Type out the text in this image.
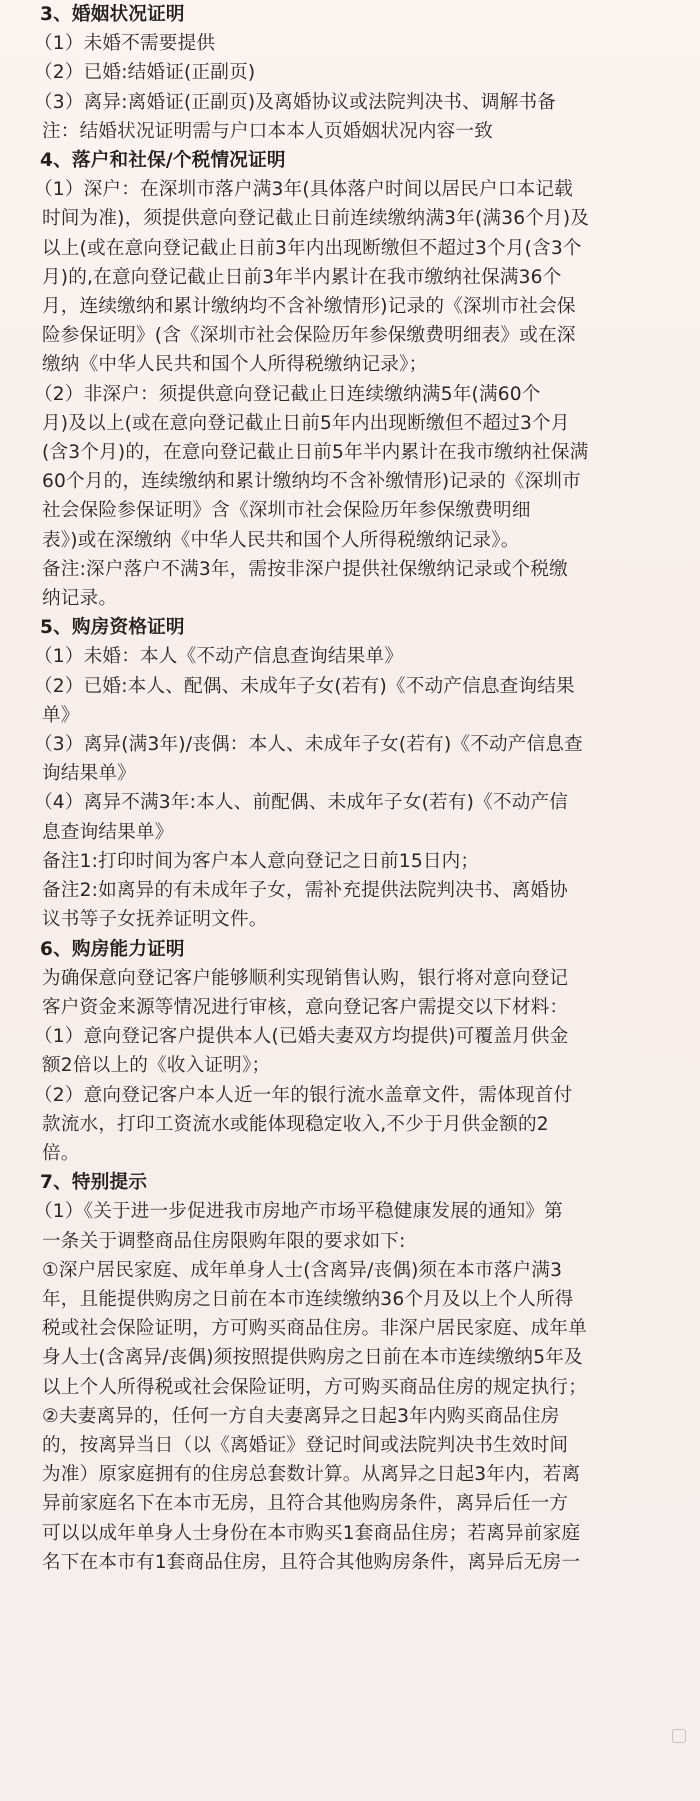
3、婚姻状况证明
（1）未婚不需要提供
（2）已婚:结婚证(正副页)
（3）离异:离婚证(正副页)及离婚协议或法院判决书、调解书备
注：结婚状况证明需与户口本本人页婚姻状况内容一致
4、落户和社保/个税情况证明
（1）深户：在深圳市落户满3年(具体落户时间以居民户口本记载
时间为准)，须提供意向登记截止日前连续缴纳满3年(满36个月)及
以上(或在意向登记截止日前3年内出现断缴但不超过3个月(含3个
月)的,在意向登记截止日前3年半内累计在我市缴纳社保满36个
月，连续缴纳和累计缴纳均不含补缴情形)记录的《深圳市社会保
险参保证明》(含《深圳市社会保险历年参保缴费明细表》或在深
缴纳《中华人民共和国个人所得税缴纳记录》；
（2）非深户：须提供意向登记截止日连续缴纳满5年(满60个
月)及以上(或在意向登记截止日前5年内出现断缴但不超过3个月
(含3个月)的，在意向登记截止日前5年半内累计在我市缴纳社保满
60个月的，连续缴纳和累计缴纳均不含补缴情形)记录的《深圳市
社会保险参保证明》含《深圳市社会保险历年参保缴费明细
表》)或在深缴纳《中华人民共和国个人所得税缴纳记录》。
备注:深户落户不满3年，需按非深户提供社保缴纳记录或个税缴
纳记录。
5、购房资格证明
（1）未婚：本人《不动产信息查询结果单》
（2）已婚:本人、配偶、未成年子女(若有)《不动产信息查询结果
单》
（3）离异(满3年)/丧偶：本人、未成年子女(若有)《不动产信息查
询结果单》
（4）离异不满3年:本人、前配偶、未成年子女(若有)《不动产信
息查询结果单》
备注1:打印时间为客户本人意向登记之日前15日内；
备注2:如离异的有未成年子女，需补充提供法院判决书、离婚协
议书等子女抚养证明文件。
6、购房能力证明
为确保意向登记客户能够顺利实现销售认购，银行将对意向登记
客户资金来源等情况进行审核，意向登记客户需提交以下材料：
（1）意向登记客户提供本人(已婚夫妻双方均提供)可覆盖月供金
额2倍以上的《收入证明》；
（2）意向登记客户本人近一年的银行流水盖章文件，需体现首付
款流水，打印工资流水或能体现稳定收入,不少于月供金额的2
倍。
7、特别提示
（1）《关于进一步促进我市房地产市场平稳健康发展的通知》第
一条关于调整商品住房限购年限的要求如下:
①深户居民家庭、成年单身人士(含离异/丧偶)须在本市落户满3
年，且能提供购房之日前在本市连续缴纳36个月及以上个人所得
税或社会保险证明，方可购买商品住房。非深户居民家庭、成年单
身人士(含离异/丧偶)须按照提供购房之日前在本市连续缴纳5年及
以上个人所得税或社会保险证明，方可购买商品住房的规定执行；
②夫妻离异的，任何一方自夫妻离异之日起3年内购买商品住房
的，按离异当日（以《离婚证》登记时间或法院判决书生效时间
为准）原家庭拥有的住房总套数计算。从离异之日起3年内，若离
异前家庭名下在本市无房，且符合其他购房条件，离异后任一方
可以以成年单身人士身份在本市购买1套商品住房；若离异前家庭
名下在本市有1套商品住房，且符合其他购房条件，离异后无房一
